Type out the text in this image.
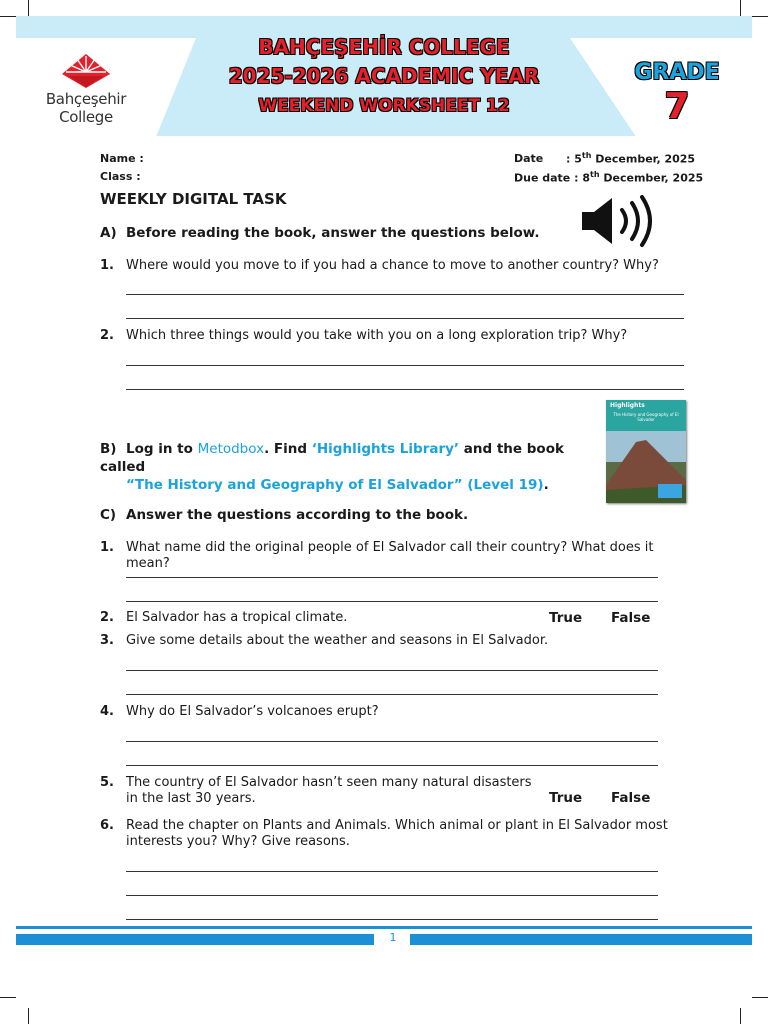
Bahçeşehir
College
BAHÇEŞEHİR COLLEGE
2025-2026 ACADEMIC YEAR
WEEKEND WORKSHEET 12
GRADE
7
Name :
Class :
Date : 5th December, 2025
Due date : 8th December, 2025
WEEKLY DIGITAL TASK
A) Before reading the book, answer the questions below.
1. Where would you move to if you had a chance to move to another country? Why?
2. Which three things would you take with you on a long exploration trip? Why?
B) Log in to Metodbox. Find ‘Highlights Library’ and the book called
“The History and Geography of El Salvador” (Level 19).
Highlights
The History and Geography of El Salvador
C) Answer the questions according to the book.
1. What name did the original people of El Salvador call their country? What does it mean?
2. El Salvador has a tropical climate.	True False
3. Give some details about the weather and seasons in El Salvador.
4. Why do El Salvador’s volcanoes erupt?
5. The country of El Salvador hasn’t seen many natural disasters
in the last 30 years.	True False
6. Read the chapter on Plants and Animals. Which animal or plant in El Salvador most
interests you? Why? Give reasons.
1
